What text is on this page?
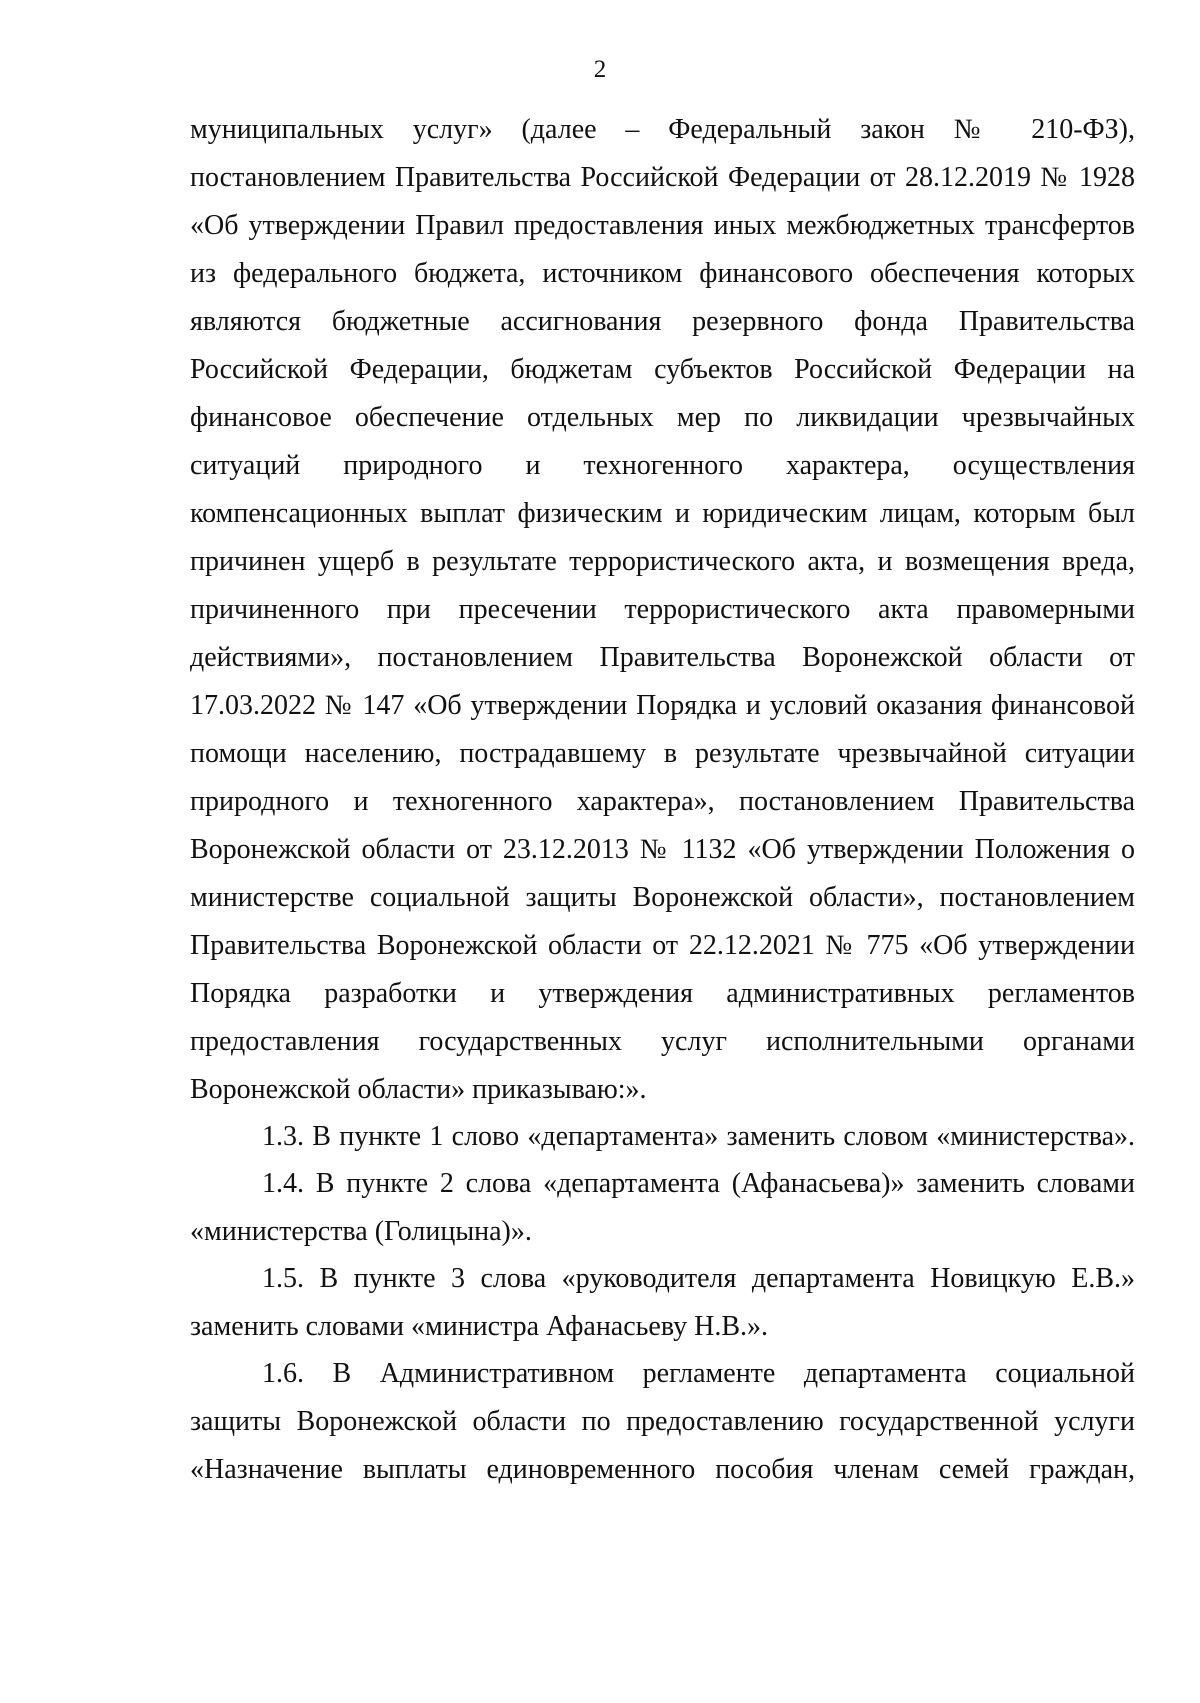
2
муниципальных услуг» (далее – Федеральный закон № 210-ФЗ),
постановлением Правительства Российской Федерации от 28.12.2019 № 1928
«Об утверждении Правил предоставления иных межбюджетных трансфертов
из федерального бюджета, источником финансового обеспечения которых
являются бюджетные ассигнования резервного фонда Правительства
Российской Федерации, бюджетам субъектов Российской Федерации на
финансовое обеспечение отдельных мер по ликвидации чрезвычайных
ситуаций природного и техногенного характера, осуществления
компенсационных выплат физическим и юридическим лицам, которым был
причинен ущерб в результате террористического акта, и возмещения вреда,
причиненного при пресечении террористического акта правомерными
действиями», постановлением Правительства Воронежской области от
17.03.2022 № 147 «Об утверждении Порядка и условий оказания финансовой
помощи населению, пострадавшему в результате чрезвычайной ситуации
природного и техногенного характера», постановлением Правительства
Воронежской области от 23.12.2013 № 1132 «Об утверждении Положения о
министерстве социальной защиты Воронежской области», постановлением
Правительства Воронежской области от 22.12.2021 № 775 «Об утверждении
Порядка разработки и утверждения административных регламентов
предоставления государственных услуг исполнительными органами
Воронежской области» приказываю:».
1.3. В пункте 1 слово «департамента» заменить словом «министерства».
1.4. В пункте 2 слова «департамента (Афанасьева)» заменить словами
«министерства (Голицына)».
1.5. В пункте 3 слова «руководителя департамента Новицкую Е.В.»
заменить словами «министра Афанасьеву Н.В.».
1.6. В Административном регламенте департамента социальной
защиты Воронежской области по предоставлению государственной услуги
«Назначение выплаты единовременного пособия членам семей граждан,
